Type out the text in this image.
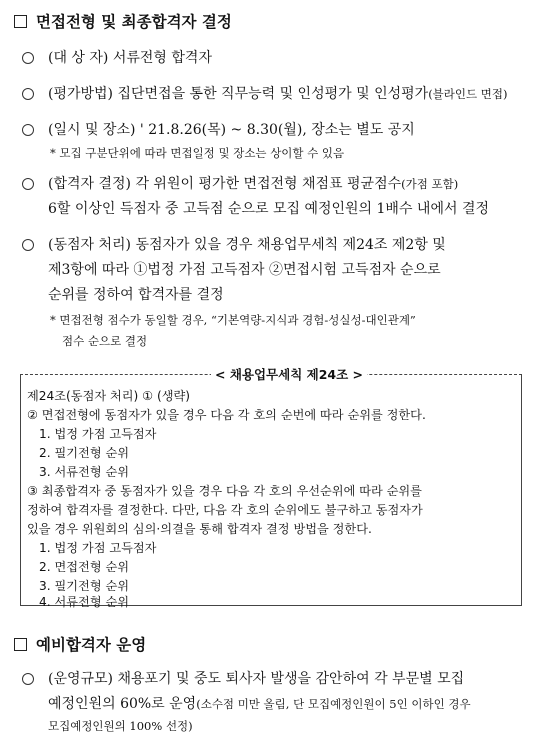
면접전형 및 최종합격자 결정
(대 상 자) 서류전형 합격자
(평가방법) 집단면접을 통한 직무능력 및 인성평가 및 인성평가(블라인드 면접)
(일시 및 장소) ' 21.8.26(목) ~ 8.30(월), 장소는 별도 공지
* 모집 구분단위에 따라 면접일정 및 장소는 상이할 수 있음
(합격자 결정) 각 위원이 평가한 면접전형 채점표 평균점수(가점 포함)
6할 이상인 득점자 중 고득점 순으로 모집 예정인원의 1배수 내에서 결정
(동점자 처리) 동점자가 있을 경우 채용업무세칙 제24조 제2항 및
제3항에 따라 ①법정 가점 고득점자 ②면접시험 고득점자 순으로
순위를 정하여 합격자를 결정
* 면접전형 점수가 동일할 경우, “기본역량-지식과 경험-성실성-대인관계”
점수 순으로 결정
< 채용업무세칙 제24조 >
제24조(동점자 처리) ① (생략)
② 면접전형에 동점자가 있을 경우 다음 각 호의 순번에 따라 순위를 정한다.
1. 법정 가점 고득점자
2. 필기전형 순위
3. 서류전형 순위
③ 최종합격자 중 동점자가 있을 경우 다음 각 호의 우선순위에 따라 순위를
정하여 합격자를 결정한다. 다만, 다음 각 호의 순위에도 불구하고 동점자가
있을 경우 위원회의 심의·의결을 통해 합격자 결정 방법을 정한다.
1. 법정 가점 고득점자
2. 면접전형 순위
3. 필기전형 순위
4. 서류전형 순위
예비합격자 운영
(운영규모) 채용포기 및 중도 퇴사자 발생을 감안하여 각 부문별 모집
예정인원의 60%로 운영(소수점 미만 올림, 단 모집예정인원이 5인 이하인 경우
모집예정인원의 100% 선정)
